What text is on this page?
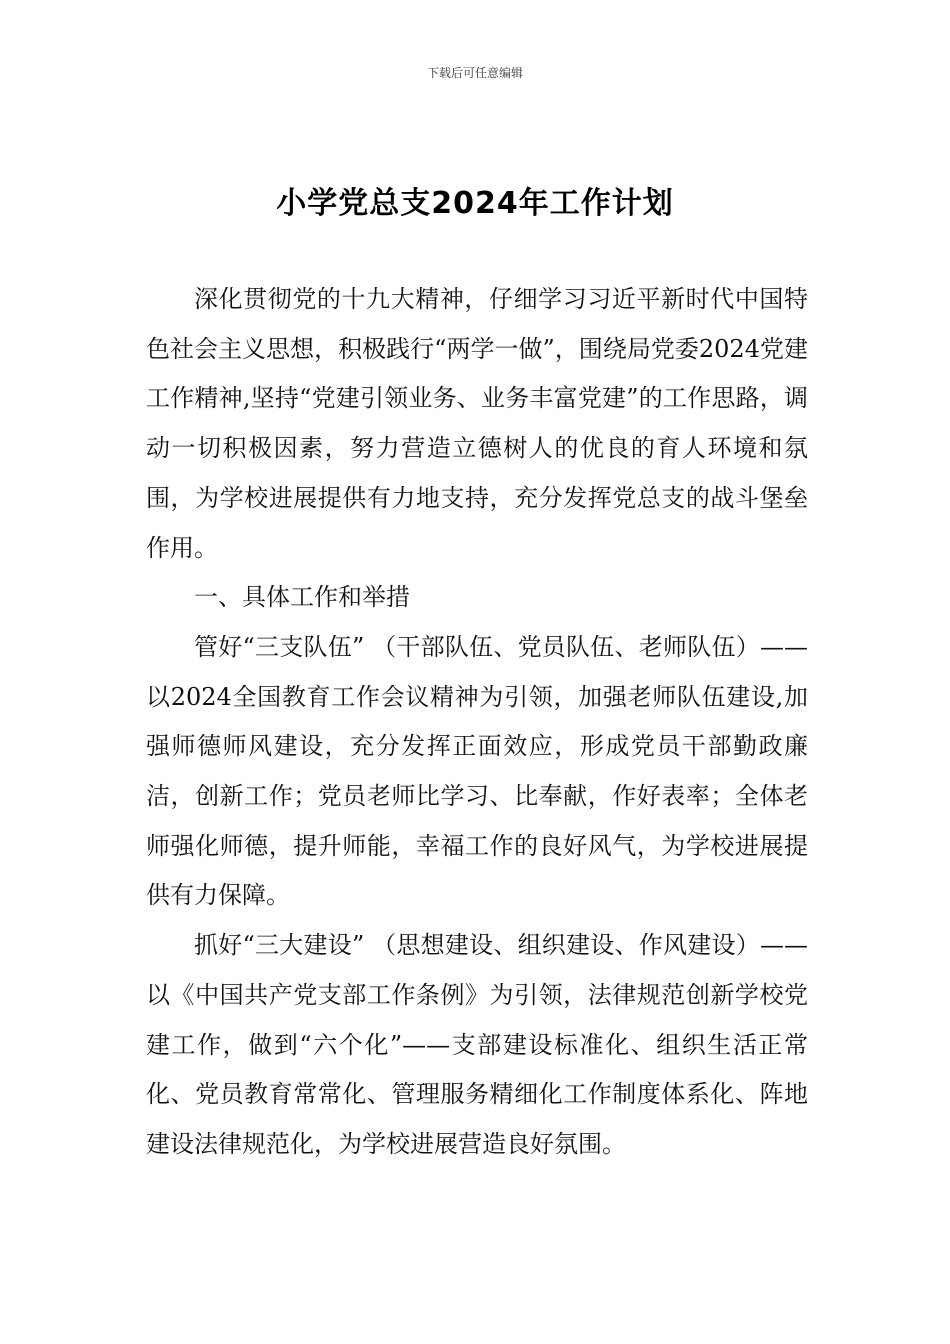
下载后可任意编辑
小学党总支2024年工作计划

深化贯彻党的十九大精神，仔细学习习近平新时代中国特色社会主义思想，积极践行“两学一做”，围绕局党委2024党建工作精神,坚持“党建引领业务、业务丰富党建”的工作思路，调动一切积极因素，努力营造立德树人的优良的育人环境和氛围，为学校进展提供有力地支持，充分发挥党总支的战斗堡垒作用。

一、具体工作和举措

管好“三支队伍” （干部队伍、党员队伍、老师队伍）——以2024全国教育工作会议精神为引领，加强老师队伍建设,加强师德师风建设，充分发挥正面效应，形成党员干部勤政廉洁，创新工作；党员老师比学习、比奉献，作好表率；全体老师强化师德，提升师能，幸福工作的良好风气，为学校进展提供有力保障。

抓好“三大建设” （思想建设、组织建设、作风建设）——以《中国共产党支部工作条例》为引领，法律规范创新学校党建工作，做到“六个化”——支部建设标准化、组织生活正常化、党员教育常常化、管理服务精细化工作制度体系化、阵地建设法律规范化，为学校进展营造良好氛围。
